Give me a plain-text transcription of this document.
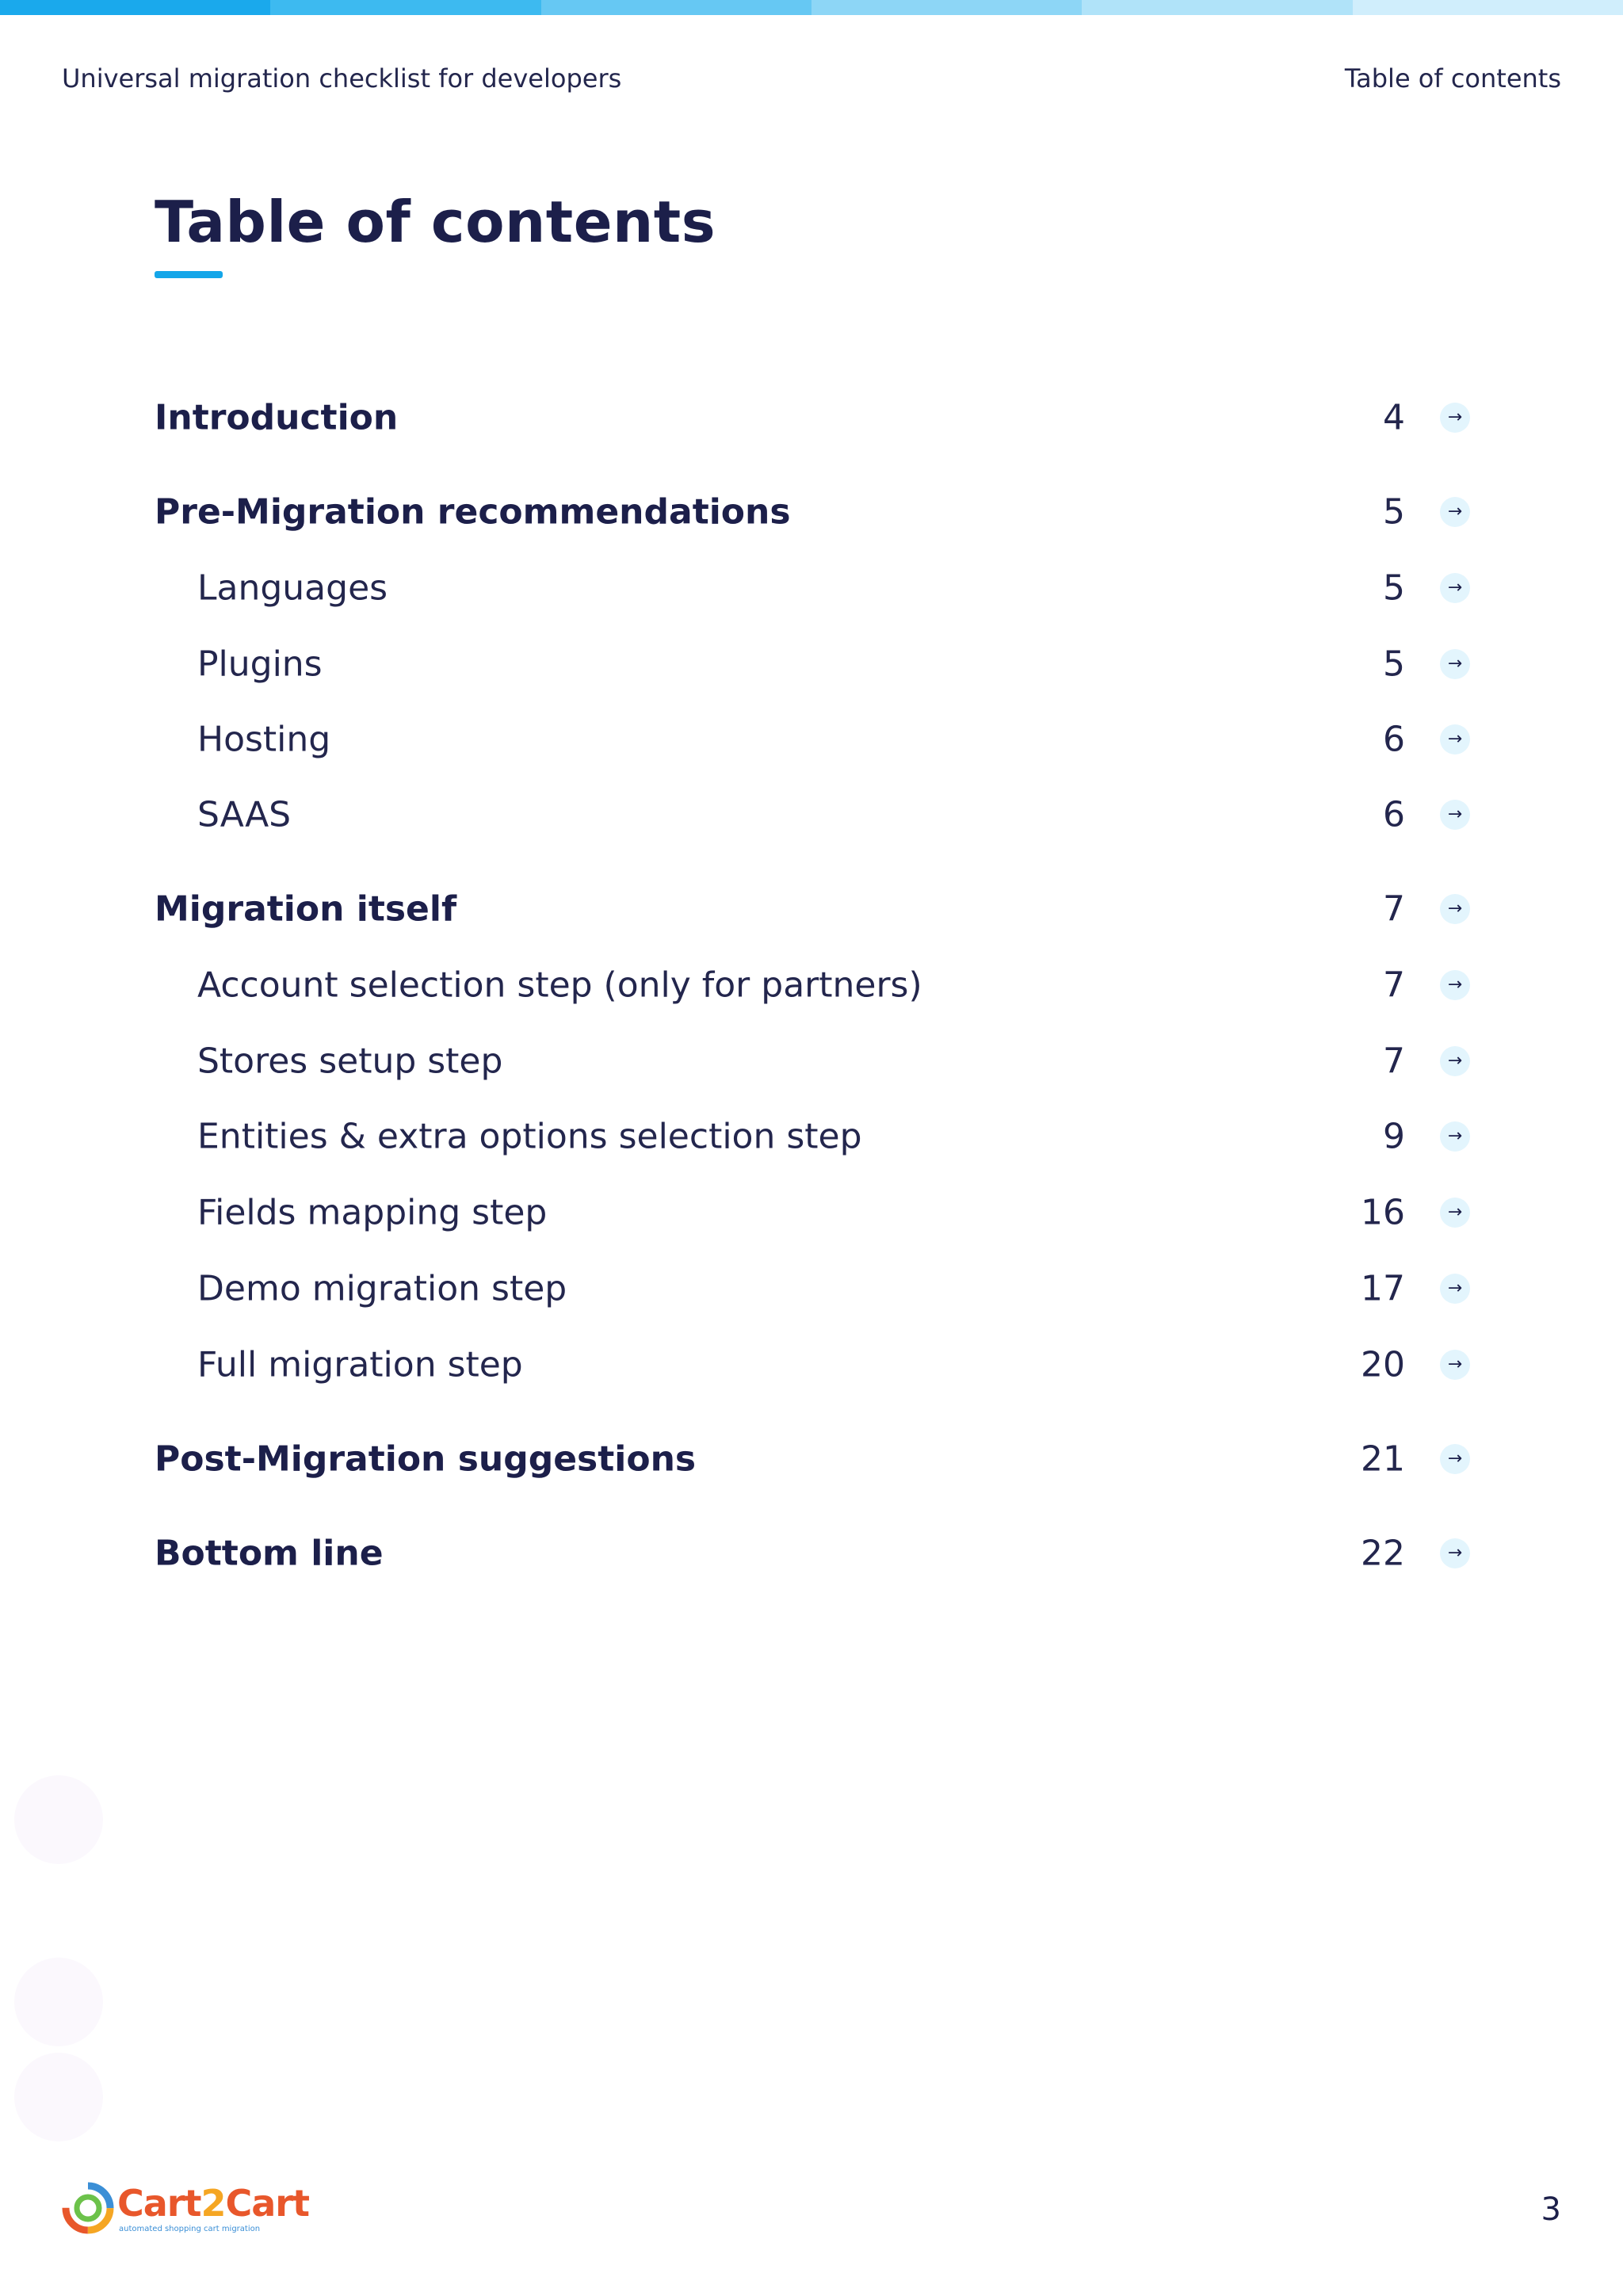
Universal migration checklist for developers	Table of contents
Table of contents
Introduction	4	→
Pre-Migration recommendations	5	→
Languages	5	→
Plugins	5	→
Hosting	6	→
SAAS	6	→
Migration itself	7	→
Account selection step (only for partners)	7	→
Stores setup step	7	→
Entities & extra options selection step	9	→
Fields mapping step	16	→
Demo migration step	17	→
Full migration step	20	→
Post-Migration suggestions	21	→
Bottom line	22	→
Cart2Cart
automated shopping cart migration
3
